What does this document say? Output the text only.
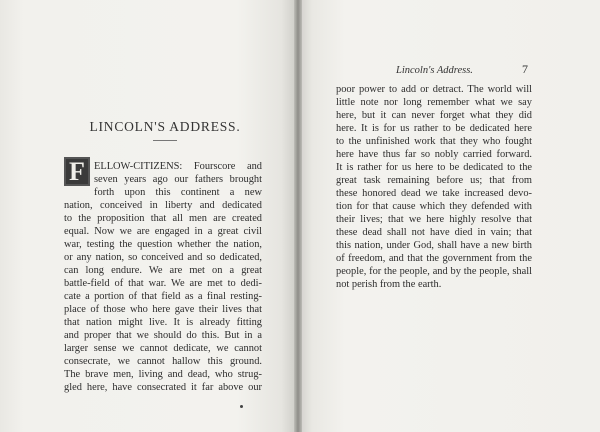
LINCOLN'S ADDRESS.
F ELLOW-CITIZENS: Fourscore and
seven years ago our fathers brought
forth upon this continent a new
nation, conceived in liberty and dedicated
to the proposition that all men are created
equal. Now we are engaged in a great civil
war, testing the question whether the nation,
or any nation, so conceived and so dedicated,
can long endure. We are met on a great
battle-field of that war. We are met to dedi-
cate a portion of that field as a final resting-
place of those who here gave their lives that
that nation might live. It is already fitting
and proper that we should do this. But in a
larger sense we cannot dedicate, we cannot
consecrate, we cannot hallow this ground.
The brave men, living and dead, who strug-
gled here, have consecrated it far above our
Lincoln's Address.	7
poor power to add or detract. The world will
little note nor long remember what we say
here, but it can never forget what they did
here. It is for us rather to be dedicated here
to the unfinished work that they who fought
here have thus far so nobly carried forward.
It is rather for us here to be dedicated to the
great task remaining before us; that from
these honored dead we take increased devo-
tion for that cause which they defended with
their lives; that we here highly resolve that
these dead shall not have died in vain; that
this nation, under God, shall have a new birth
of freedom, and that the government from the
people, for the people, and by the people, shall
not perish from the earth.
